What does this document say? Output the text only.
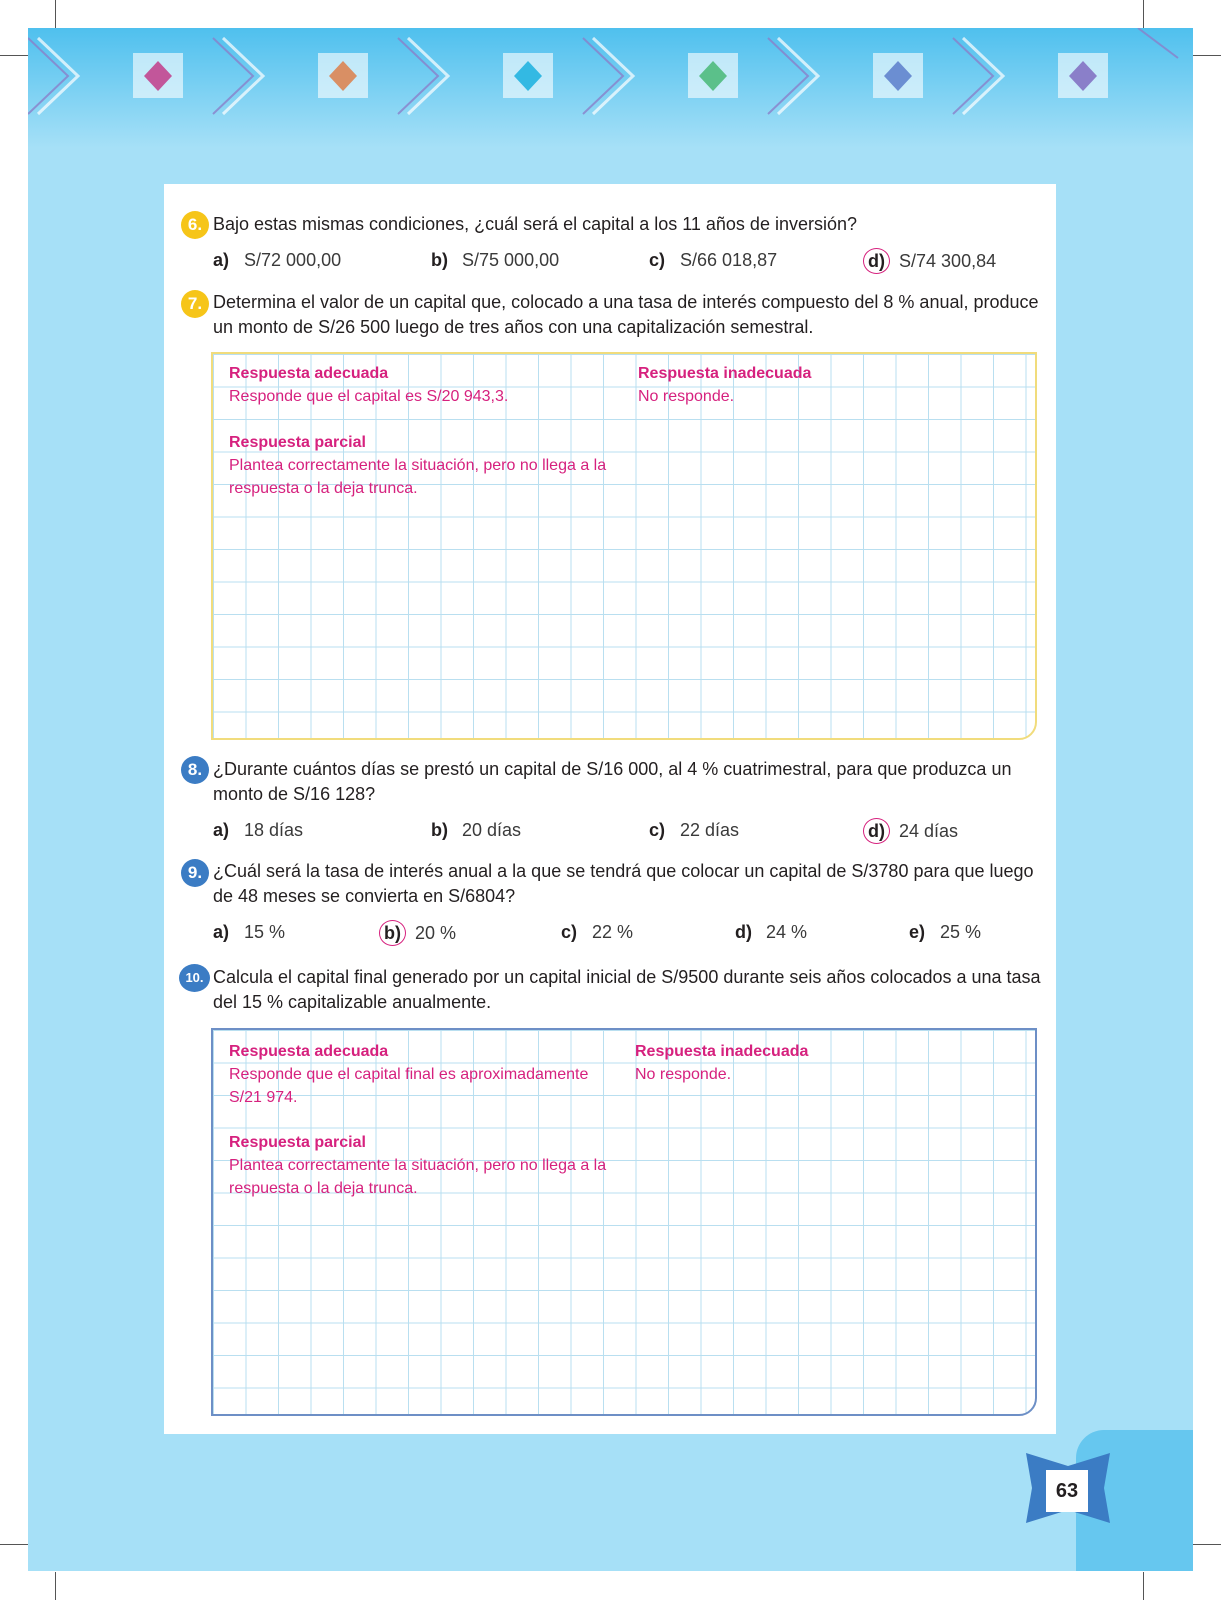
63
6. Bajo estas mismas condiciones, ¿cuál será el capital a los 11 años de inversión?
a) S/72 000,00	b) S/75 000,00	c) S/66 018,87	d) S/74 300,84
7. Determina el valor de un capital que, colocado a una tasa de interés compuesto del 8 % anual, produce un monto de S/26 500 luego de tres años con una capitalización semestral.
Respuesta adecuada
Responde que el capital es S/20 943,3.
Respuesta inadecuada
No responde.
Respuesta parcial
Plantea correctamente la situación, pero no llega a la respuesta o la deja trunca.
8. ¿Durante cuántos días se prestó un capital de S/16 000, al 4 % cuatrimestral, para que produzca un monto de S/16 128?
a) 18 días	b) 20 días	c) 22 días	d) 24 días
9. ¿Cuál será la tasa de interés anual a la que se tendrá que colocar un capital de S/3780 para que luego de 48 meses se convierta en S/6804?
a) 15 %	b) 20 %	c) 22 %	d) 24 %	e) 25 %
10. Calcula el capital final generado por un capital inicial de S/9500 durante seis años colocados a una tasa del 15 % capitalizable anualmente.
Respuesta adecuada
Responde que el capital final es aproximadamente S/21 974.
Respuesta inadecuada
No responde.
Respuesta parcial
Plantea correctamente la situación, pero no llega a la respuesta o la deja trunca.
